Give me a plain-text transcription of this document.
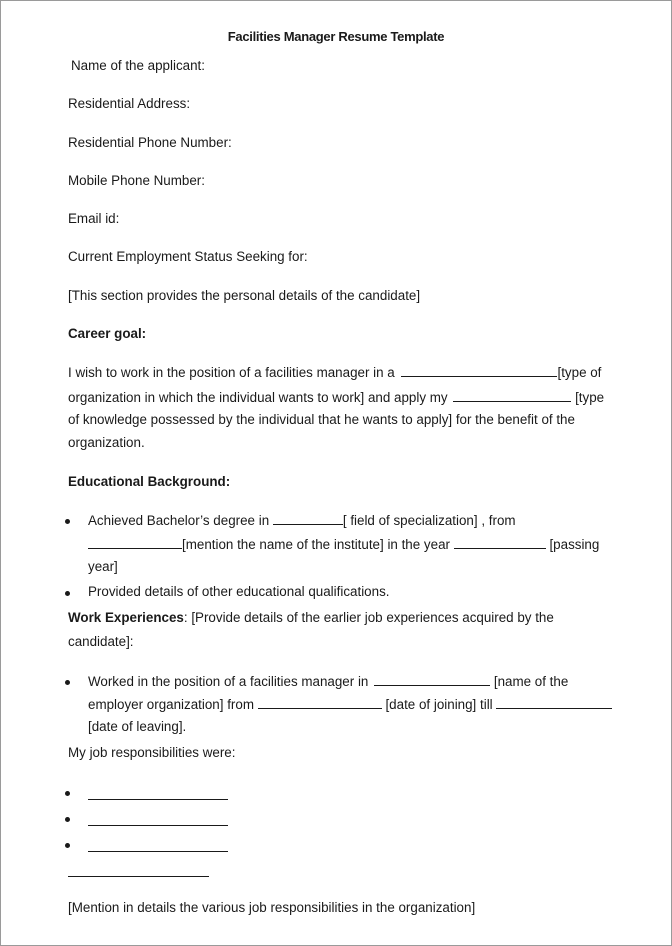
Facilities Manager Resume Template
Name of the applicant:
Residential Address:
Residential Phone Number:
Mobile Phone Number:
Email id:
Current Employment Status Seeking for:
[This section provides the personal details of the candidate]
Career goal:
I wish to work in the position of a facilities manager in a	[type of
organization in which the individual wants to work] and apply my	[type
of knowledge possessed by the individual that he wants to apply] for the benefit of the
organization.
Educational Background:
Achieved Bachelor’s degree in	[ field of specialization] , from
[mention the name of the institute] in the year	[passing
year]
Provided details of other educational qualifications.
Work Experiences: [Provide details of the earlier job experiences acquired by the
candidate]:
Worked in the position of a facilities manager in	[name of the
employer organization] from	[date of joining] till
[date of leaving].
My job responsibilities were:
[Mention in details the various job responsibilities in the organization]
